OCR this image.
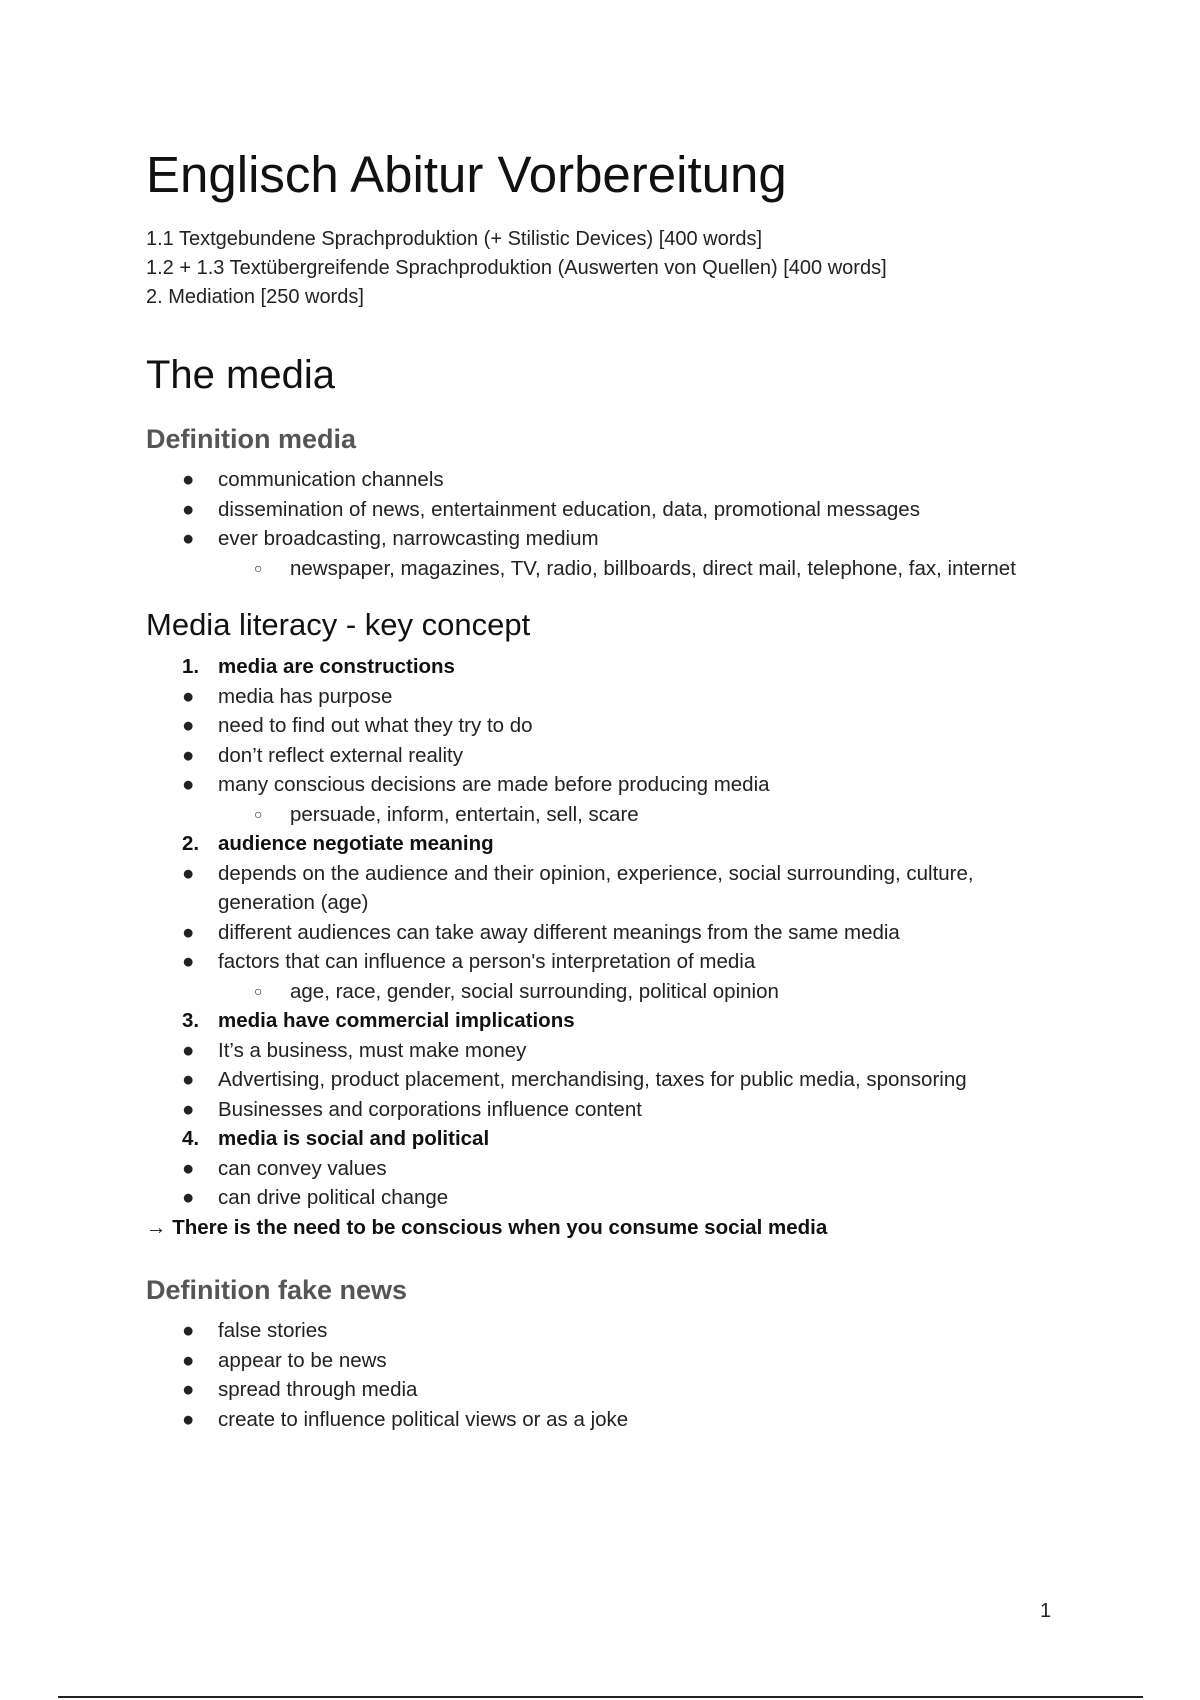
Englisch Abitur Vorbereitung
1.1 Textgebundene Sprachproduktion (+ Stilistic Devices) [400 words]
1.2 + 1.3 Textübergreifende Sprachproduktion (Auswerten von Quellen) [400 words]
2. Mediation [250 words]
The media
Definition media
●	communication channels
●	dissemination of news, entertainment education, data, promotional messages
●	ever broadcasting, narrowcasting medium
○	newspaper, magazines, TV, radio, billboards, direct mail, telephone, fax, internet
Media literacy - key concept
1. media are constructions
●	media has purpose
●	need to find out what they try to do
●	don’t reflect external reality
●	many conscious decisions are made before producing media
○	persuade, inform, entertain, sell, scare
2. audience negotiate meaning
●	depends on the audience and their opinion, experience, social surrounding, culture, generation (age)
●	different audiences can take away different meanings from the same media
●	factors that can influence a person's interpretation of media
○	age, race, gender, social surrounding, political opinion
3. media have commercial implications
●	It’s a business, must make money
●	Advertising, product placement, merchandising, taxes for public media, sponsoring
●	Businesses and corporations influence content
4. media is social and political
●	can convey values
●	can drive political change
→ There is the need to be conscious when you consume social media
Definition fake news
●	false stories
●	appear to be news
●	spread through media
●	create to influence political views or as a joke
1
